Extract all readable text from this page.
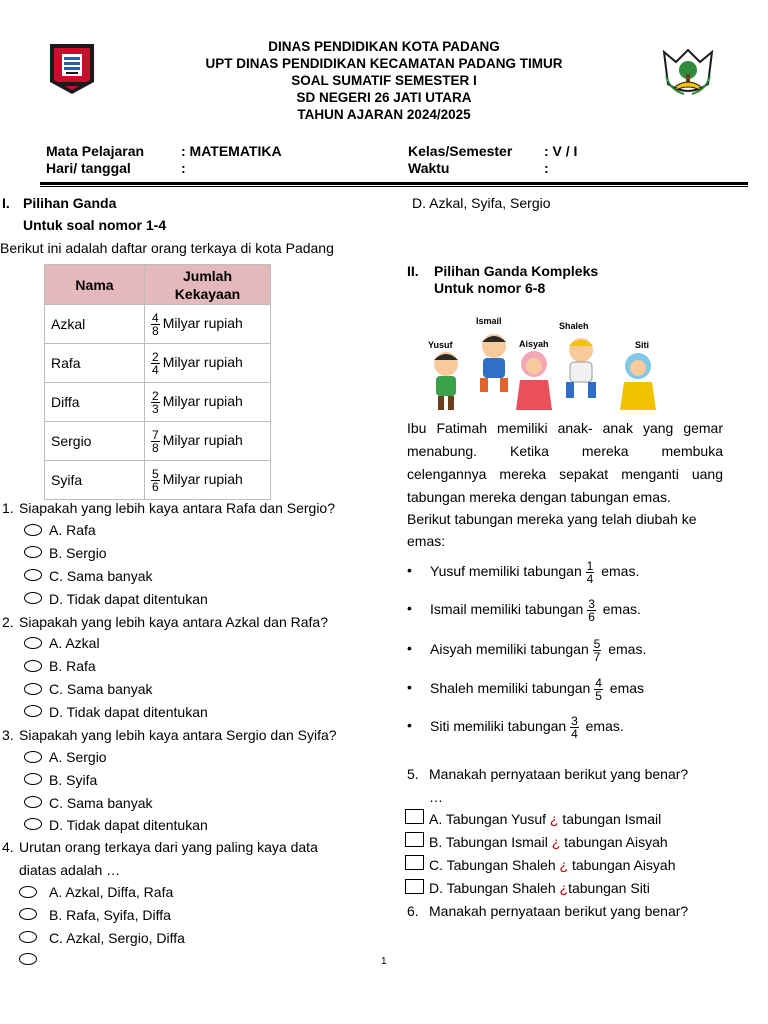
DINAS PENDIDIKAN KOTA PADANG
UPT DINAS PENDIDIKAN KECAMATAN PADANG TIMUR
SOAL SUMATIF SEMESTER I
SD NEGERI 26 JATI UTARA
TAHUN AJARAN 2024/2025
Mata Pelajaran	: MATEMATIKA
Hari/ tanggal	:
Kelas/Semester : V / I
Waktu	:
I. Pilihan Ganda
Untuk soal nomor 1-4
Berikut ini adalah daftar orang terkaya di kota Padang
Nama	Jumlah
Kekayaan

Azkal	$\frac{4}{8}$ Milyar rupiah
Rafa	$\frac{2}{4}$ Milyar rupiah
Diffa	$\frac{2}{3}$ Milyar rupiah
Sergio	$\frac{7}{8}$ Milyar rupiah
Syifa	$\frac{5}{6}$ Milyar rupiah
1. Siapakah yang lebih kaya antara Rafa dan Sergio?
A. Rafa
B. Sergio
C. Sama banyak
D. Tidak dapat ditentukan
2. Siapakah yang lebih kaya antara Azkal dan Rafa?
A. Azkal
B. Rafa
C. Sama banyak
D. Tidak dapat ditentukan
3. Siapakah yang lebih kaya antara Sergio dan Syifa?
A. Sergio
B. Syifa
C. Sama banyak
D. Tidak dapat ditentukan
4. Urutan orang terkaya dari yang paling kaya data
diatas adalah …
A. Azkal, Diffa, Rafa
B. Rafa, Syifa, Diffa
C. Azkal, Sergio, Diffa
D. Azkal, Syifa, Sergio
II. Pilihan Ganda Kompleks
Untuk nomor 6-8
Ismail	Shaleh
Yusuf	Aisyah	Siti
Ibu Fatimah memiliki anak- anak yang gemar
menabung. Ketika mereka membuka
celengannya mereka sepakat menganti uang
tabungan mereka dengan tabungan emas.
Berikut tabungan mereka yang telah diubah ke
emas:
• Yusuf memiliki tabungan $\frac{1}{4}$ emas.
• Ismail memiliki tabungan $\frac{3}{6}$ emas.
• Aisyah memiliki tabungan $\frac{5}{7}$ emas.
• Shaleh memiliki tabungan $\frac{4}{5}$ emas
• Siti memiliki tabungan $\frac{3}{4}$ emas.
5. Manakah pernyataan berikut yang benar?
…
A. Tabungan Yusuf ¿ tabungan Ismail
B. Tabungan Ismail ¿ tabungan Aisyah
C. Tabungan Shaleh ¿ tabungan Aisyah
D. Tabungan Shaleh ¿tabungan Siti
6. Manakah pernyataan berikut yang benar?
1
